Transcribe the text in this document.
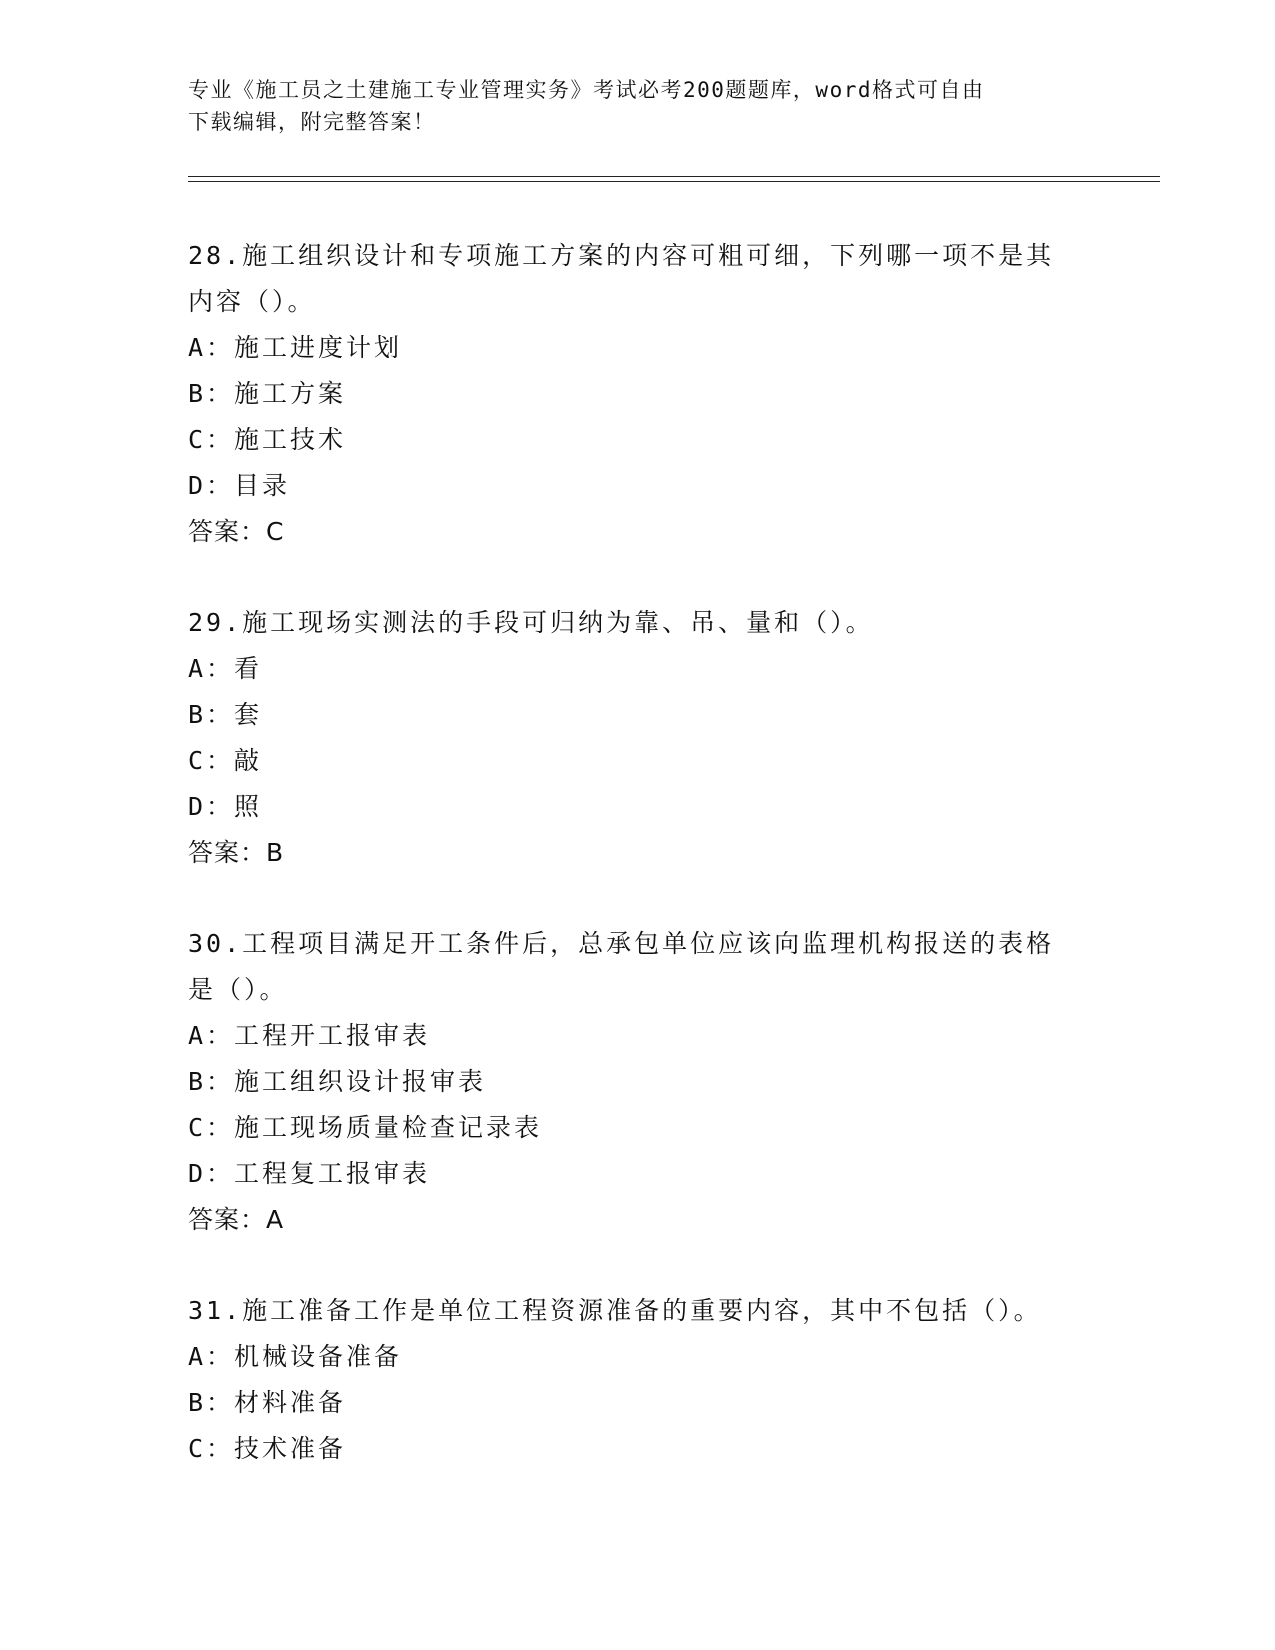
专业《施工员之土建施工专业管理实务》考试必考200题题库，word格式可自由
下载编辑，附完整答案！
28.施工组织设计和专项施工方案的内容可粗可细，下列哪一项不是其
内容（）。
A：施工进度计划
B：施工方案
C：施工技术
D：目录
答案：C
29.施工现场实测法的手段可归纳为靠、吊、量和（）。
A：看
B：套
C：敲
D：照
答案：B
30.工程项目满足开工条件后，总承包单位应该向监理机构报送的表格
是（）。
A：工程开工报审表
B：施工组织设计报审表
C：施工现场质量检查记录表
D：工程复工报审表
答案：A
31.施工准备工作是单位工程资源准备的重要内容，其中不包括（）。
A：机械设备准备
B：材料准备
C：技术准备
